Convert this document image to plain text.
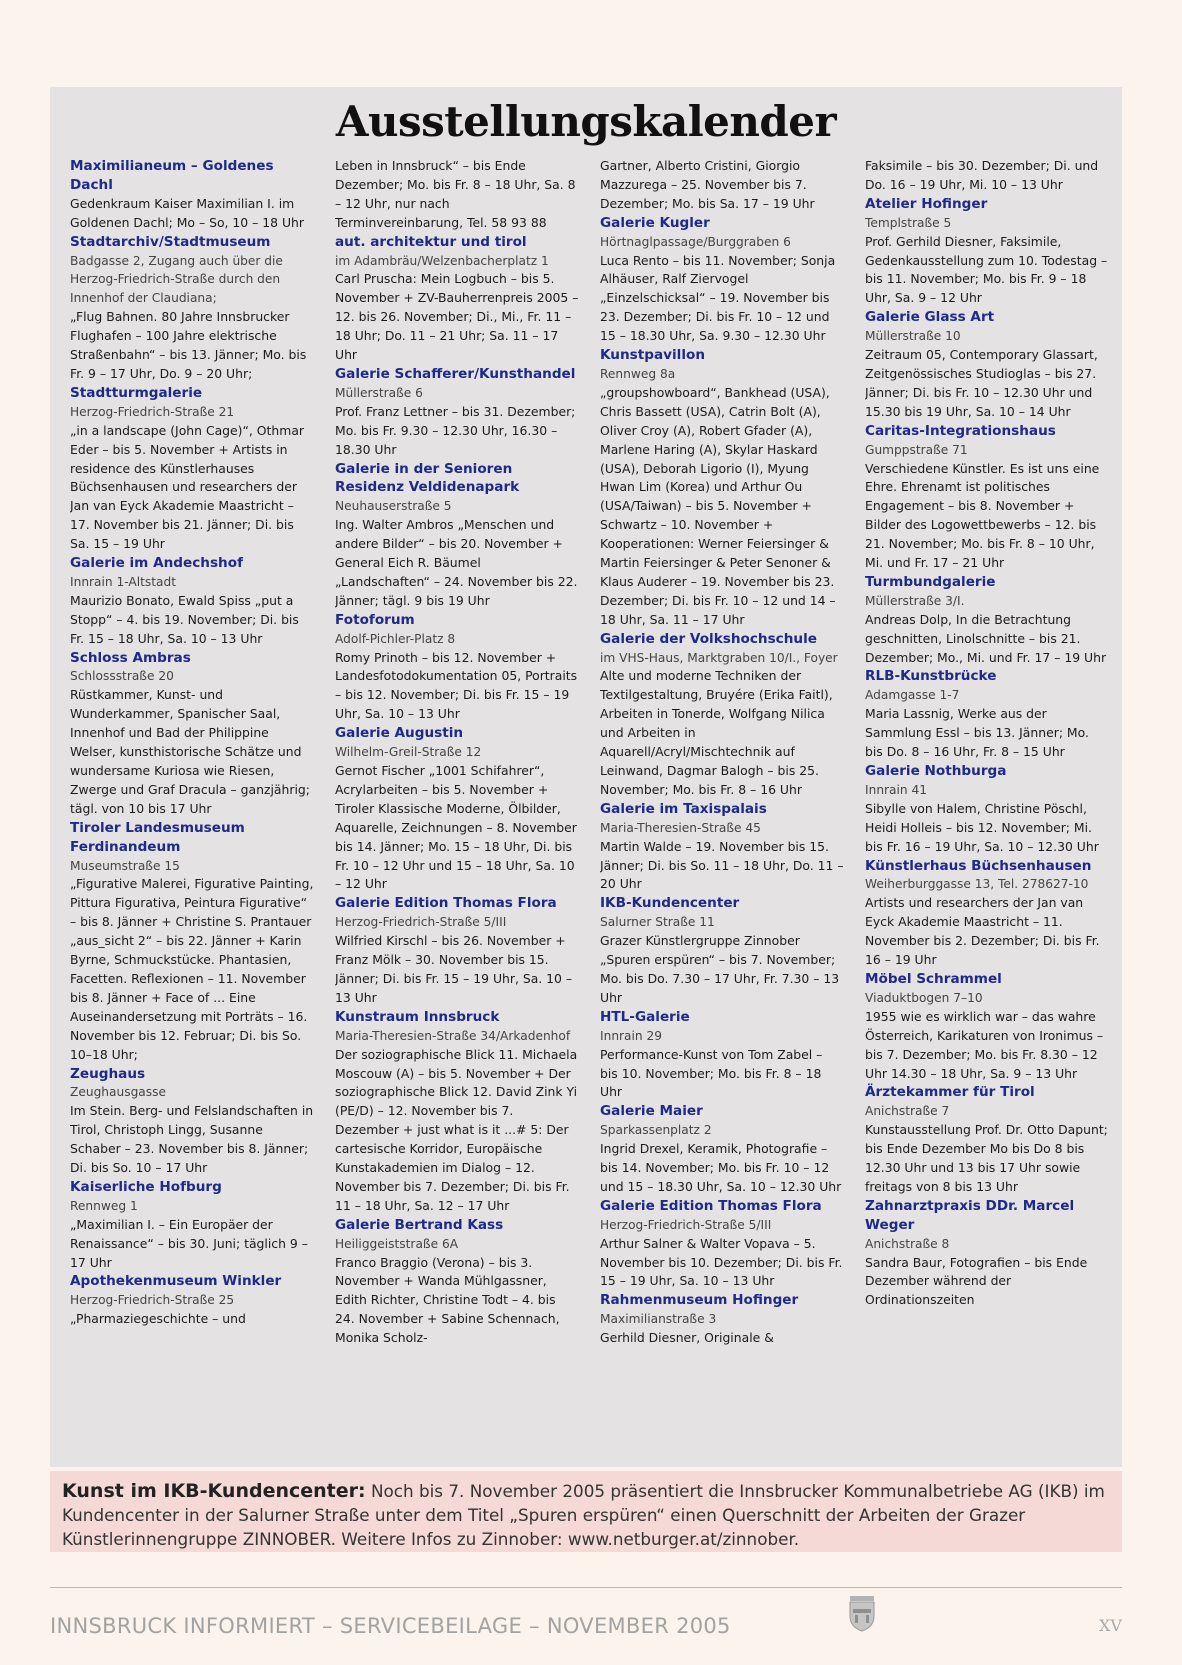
Ausstellungskalender
Maximilianeum – Goldenes Dachl
Gedenkraum Kaiser Maximilian I. im Goldenen Dachl; Mo – So, 10 – 18 Uhr
Stadtarchiv/Stadtmuseum
Badgasse 2, Zugang auch über die Herzog-Friedrich-Straße durch den Innenhof der Claudiana;
„Flug Bahnen. 80 Jahre Innsbrucker Flughafen – 100 Jahre elektrische Straßenbahn“ – bis 13. Jänner; Mo. bis Fr. 9 – 17 Uhr, Do. 9 – 20 Uhr;
Stadtturmgalerie
Herzog-Friedrich-Straße 21
„in a landscape (John Cage)“, Othmar Eder – bis 5. November + Artists in residence des Künstlerhauses Büchsenhausen und researchers der Jan van Eyck Akademie Maastricht – 17. November bis 21. Jänner; Di. bis Sa. 15 – 19 Uhr
Galerie im Andechshof
Innrain 1-Altstadt
Maurizio Bonato, Ewald Spiss „put a Stopp“ – 4. bis 19. November; Di. bis Fr. 15 – 18 Uhr, Sa. 10 – 13 Uhr
Schloss Ambras
Schlossstraße 20
Rüstkammer, Kunst- und Wunderkammer, Spanischer Saal, Innenhof und Bad der Philippine Welser, kunsthistorische Schätze und wundersame Kuriosa wie Riesen, Zwerge und Graf Dracula – ganzjährig; tägl. von 10 bis 17 Uhr
Tiroler Landesmuseum Ferdinandeum
Museumstraße 15
„Figurative Malerei, Figurative Painting, Pittura Figurativa, Peintura Figurative“ – bis 8. Jänner + Christine S. Prantauer „aus_sicht 2“ – bis 22. Jänner + Karin Byrne, Schmuckstücke. Phantasien, Facetten. Reflexionen – 11. November bis 8. Jänner + Face of ... Eine Auseinandersetzung mit Porträts – 16. November bis 12. Februar; Di. bis So. 10–18 Uhr;
Zeughaus
Zeughausgasse
Im Stein. Berg- und Felslandschaften in Tirol, Christoph Lingg, Susanne Schaber – 23. November bis 8. Jänner; Di. bis So. 10 – 17 Uhr
Kaiserliche Hofburg
Rennweg 1
„Maximilian I. – Ein Europäer der Renaissance“ – bis 30. Juni; täglich 9 – 17 Uhr
Apothekenmuseum Winkler
Herzog-Friedrich-Straße 25
„Pharmaziegeschichte – und
Leben in Innsbruck“ – bis Ende Dezember; Mo. bis Fr. 8 – 18 Uhr, Sa. 8 – 12 Uhr, nur nach Terminvereinbarung, Tel. 58 93 88
aut. architektur und tirol
im Adambräu/Welzenbacherplatz 1
Carl Pruscha: Mein Logbuch – bis 5. November + ZV-Bauherrenpreis 2005 – 12. bis 26. November; Di., Mi., Fr. 11 – 18 Uhr; Do. 11 – 21 Uhr; Sa. 11 – 17 Uhr
Galerie Schafferer/Kunsthandel
Müllerstraße 6
Prof. Franz Lettner – bis 31. Dezember; Mo. bis Fr. 9.30 – 12.30 Uhr, 16.30 – 18.30 Uhr
Galerie in der Senioren Residenz Veldidenapark
Neuhauserstraße 5
Ing. Walter Ambros „Menschen und andere Bilder“ – bis 20. November + General Eich R. Bäumel „Landschaften“ – 24. November bis 22. Jänner; tägl. 9 bis 19 Uhr
Fotoforum
Adolf-Pichler-Platz 8
Romy Prinoth – bis 12. November + Landesfotodokumentation 05, Portraits – bis 12. November; Di. bis Fr. 15 – 19 Uhr, Sa. 10 – 13 Uhr
Galerie Augustin
Wilhelm-Greil-Straße 12
Gernot Fischer „1001 Schifahrer“, Acrylarbeiten – bis 5. November + Tiroler Klassische Moderne, Ölbilder, Aquarelle, Zeichnungen – 8. November bis 14. Jänner; Mo. 15 – 18 Uhr, Di. bis Fr. 10 – 12 Uhr und 15 – 18 Uhr, Sa. 10 – 12 Uhr
Galerie Edition Thomas Flora
Herzog-Friedrich-Straße 5/III
Wilfried Kirschl – bis 26. November + Franz Mölk – 30. November bis 15. Jänner; Di. bis Fr. 15 – 19 Uhr, Sa. 10 – 13 Uhr
Kunstraum Innsbruck
Maria-Theresien-Straße 34/Arkadenhof
Der soziographische Blick 11. Michaela Moscouw (A) – bis 5. November + Der soziographische Blick 12. David Zink Yi (PE/D) – 12. November bis 7. Dezember + just what is it ...# 5: Der cartesische Korridor, Europäische Kunstakademien im Dialog – 12. November bis 7. Dezember; Di. bis Fr. 11 – 18 Uhr, Sa. 12 – 17 Uhr
Galerie Bertrand Kass
Heiliggeiststraße 6A
Franco Braggio (Verona) – bis 3. November + Wanda Mühlgassner, Edith Richter, Christine Todt – 4. bis 24. November + Sabine Schennach, Monika Scholz-
Gartner, Alberto Cristini, Giorgio Mazzurega – 25. November bis 7. Dezember; Mo. bis Sa. 17 – 19 Uhr
Galerie Kugler
Hörtnaglpassage/Burggraben 6
Luca Rento – bis 11. November; Sonja Alhäuser, Ralf Ziervogel „Einzelschicksal“ – 19. November bis 23. Dezember; Di. bis Fr. 10 – 12 und 15 – 18.30 Uhr, Sa. 9.30 – 12.30 Uhr
Kunstpavillon
Rennweg 8a
„groupshowboard“, Bankhead (USA), Chris Bassett (USA), Catrin Bolt (A), Oliver Croy (A), Robert Gfader (A), Marlene Haring (A), Skylar Haskard (USA), Deborah Ligorio (I), Myung Hwan Lim (Korea) und Arthur Ou (USA/Taiwan) – bis 5. November + Schwartz – 10. November + Kooperationen: Werner Feiersinger & Martin Feiersinger & Peter Senoner & Klaus Auderer – 19. November bis 23. Dezember; Di. bis Fr. 10 – 12 und 14 – 18 Uhr, Sa. 11 – 17 Uhr
Galerie der Volkshochschule
im VHS-Haus, Marktgraben 10/I., Foyer
Alte und moderne Techniken der Textilgestaltung, Bruyére (Erika Faitl), Arbeiten in Tonerde, Wolfgang Nilica und Arbeiten in Aquarell/Acryl/Mischtechnik auf Leinwand, Dagmar Balogh – bis 25. November; Mo. bis Fr. 8 – 16 Uhr
Galerie im Taxispalais
Maria-Theresien-Straße 45
Martin Walde – 19. November bis 15. Jänner; Di. bis So. 11 – 18 Uhr, Do. 11 – 20 Uhr
IKB-Kundencenter
Salurner Straße 11
Grazer Künstlergruppe Zinnober „Spuren erspüren“ – bis 7. November; Mo. bis Do. 7.30 – 17 Uhr, Fr. 7.30 – 13 Uhr
HTL-Galerie
Innrain 29
Performance-Kunst von Tom Zabel – bis 10. November; Mo. bis Fr. 8 – 18 Uhr
Galerie Maier
Sparkassenplatz 2
Ingrid Drexel, Keramik, Photografie – bis 14. November; Mo. bis Fr. 10 – 12 und 15 – 18.30 Uhr, Sa. 10 – 12.30 Uhr
Galerie Edition Thomas Flora
Herzog-Friedrich-Straße 5/III
Arthur Salner & Walter Vopava – 5. November bis 10. Dezember; Di. bis Fr. 15 – 19 Uhr, Sa. 10 – 13 Uhr
Rahmenmuseum Hofinger
Maximilianstraße 3
Gerhild Diesner, Originale &
Faksimile – bis 30. Dezember; Di. und Do. 16 – 19 Uhr, Mi. 10 – 13 Uhr
Atelier Hofinger
Templstraße 5
Prof. Gerhild Diesner, Faksimile, Gedenkausstellung zum 10. Todestag – bis 11. November; Mo. bis Fr. 9 – 18 Uhr, Sa. 9 – 12 Uhr
Galerie Glass Art
Müllerstraße 10
Zeitraum 05, Contemporary Glassart, Zeitgenössisches Studioglas – bis 27. Jänner; Di. bis Fr. 10 – 12.30 Uhr und 15.30 bis 19 Uhr, Sa. 10 – 14 Uhr
Caritas-Integrationshaus
Gumppstraße 71
Verschiedene Künstler. Es ist uns eine Ehre. Ehrenamt ist politisches Engagement – bis 8. November + Bilder des Logowettbewerbs – 12. bis 21. November; Mo. bis Fr. 8 – 10 Uhr, Mi. und Fr. 17 – 21 Uhr
Turmbundgalerie
Müllerstraße 3/I.
Andreas Dolp, In die Betrachtung geschnitten, Linolschnitte – bis 21. Dezember; Mo., Mi. und Fr. 17 – 19 Uhr
RLB-Kunstbrücke
Adamgasse 1-7
Maria Lassnig, Werke aus der Sammlung Essl – bis 13. Jänner; Mo. bis Do. 8 – 16 Uhr, Fr. 8 – 15 Uhr
Galerie Nothburga
Innrain 41
Sibylle von Halem, Christine Pöschl, Heidi Holleis – bis 12. November; Mi. bis Fr. 16 – 19 Uhr, Sa. 10 – 12.30 Uhr
Künstlerhaus Büchsenhausen
Weiherburggasse 13, Tel. 278627-10
Artists und researchers der Jan van Eyck Akademie Maastricht – 11. November bis 2. Dezember; Di. bis Fr. 16 – 19 Uhr
Möbel Schrammel
Viaduktbogen 7–10
1955 wie es wirklich war – das wahre Österreich, Karikaturen von Ironimus – bis 7. Dezember; Mo. bis Fr. 8.30 – 12 Uhr 14.30 – 18 Uhr, Sa. 9 – 13 Uhr
Ärztekammer für Tirol
Anichstraße 7
Kunstausstellung Prof. Dr. Otto Dapunt; bis Ende Dezember Mo bis Do 8 bis 12.30 Uhr und 13 bis 17 Uhr sowie freitags von 8 bis 13 Uhr
Zahnarztpraxis DDr. Marcel Weger
Anichstraße 8
Sandra Baur, Fotografien – bis Ende Dezember während der Ordinationszeiten

Kunst im IKB-Kundencenter: Noch bis 7. November 2005 präsentiert die Innsbrucker Kommunalbetriebe AG (IKB) im Kundencenter in der Salurner Straße unter dem Titel „Spuren erspüren“ einen Querschnitt der Arbeiten der Grazer Künstlerinnengruppe ZINNOBER. Weitere Infos zu Zinnober: www.netburger.at/zinnober.

INNSBRUCK INFORMIERT – SERVICEBEILAGE – NOVEMBER 2005	XV
